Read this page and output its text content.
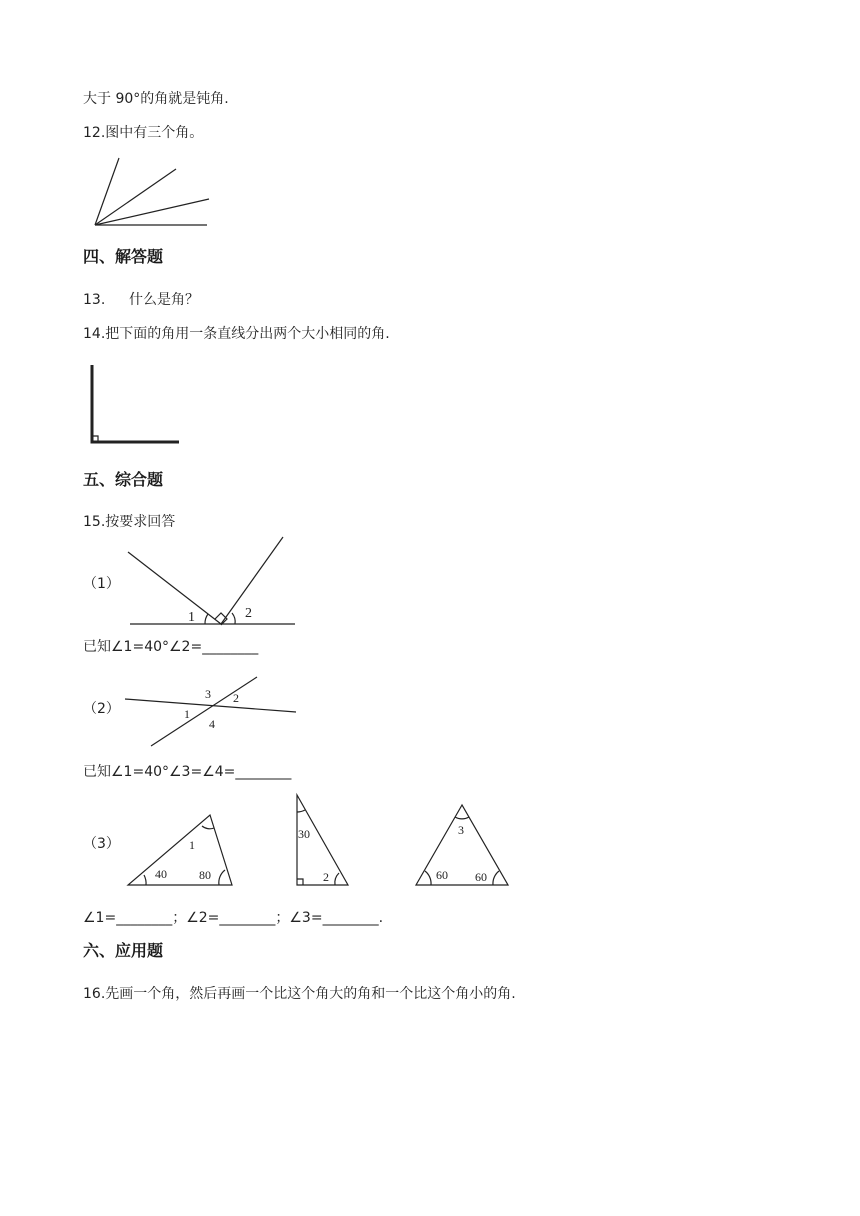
大于 90°的角就是钝角.
12.图中有三个角。
四、解答题
13. 什么是角？
14.把下面的角用一条直线分出两个大小相同的角.
五、综合题
15.按要求回答
（1）
1	2
已知∠1=40°∠2=________
（2）
3 2
1
4
已知∠1=40°∠3=∠4=________
（3）	1
40	80
30
2
3
60 60
∠1=________；∠2=________；∠3=________.
六、应用题
16.先画一个角，然后再画一个比这个角大的角和一个比这个角小的角.
